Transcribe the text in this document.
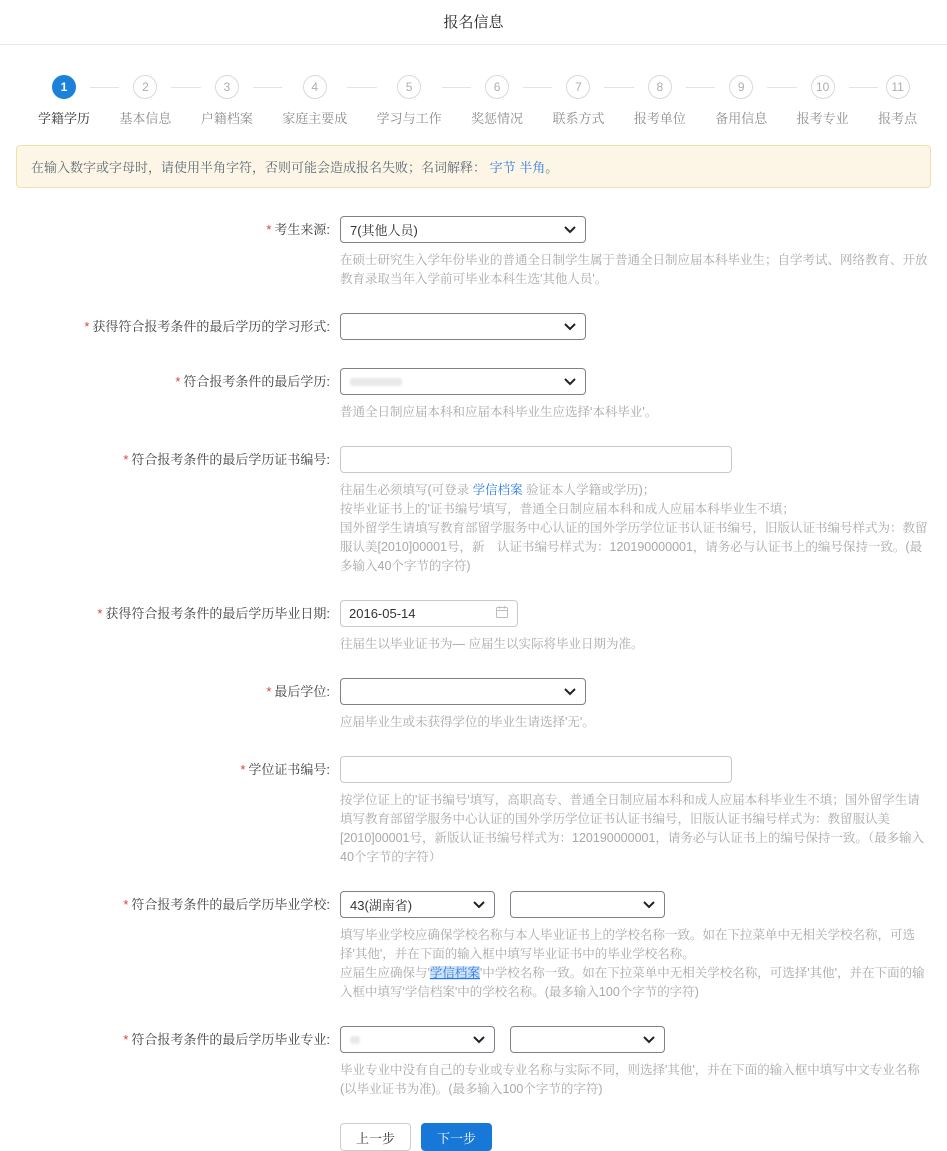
报名信息
1
学籍学历
2
基本信息
3
户籍档案
4
家庭主要成
5
学习与工作
6
奖惩情况
7
联系方式
8
报考单位
9
备用信息
10
报考专业
11
报考点
在输入数字或字母时，请使用半角字符，否则可能会造成报名失败；名词解释： 字节 半角。
* 考生来源:	7(其他人员)
在硕士研究生入学年份毕业的普通全日制学生属于普通全日制应届本科毕业生；自学考试、网络教育、开放教育录取当年入学前可毕业本科生选'其他人员'。
* 获得符合报考条件的最后学历的学习形式:
* 符合报考条件的最后学历:
普通全日制应届本科和应届本科毕业生应选择'本科毕业'。
* 符合报考条件的最后学历证书编号:
往届生必须填写(可登录 学信档案 验证本人学籍或学历)；
按毕业证书上的'证书编号'填写，普通全日制应届本科和成人应届本科毕业生不填；
国外留学生请填写教育部留学服务中心认证的国外学历学位证书认证书编号，旧版认证书编号样式为：教留服认美[2010]00001号，新　认证书编号样式为：120190000001，请务必与认证书上的编号保持一致。(最多输入40个字节的字符)
* 获得符合报考条件的最后学历毕业日期:	2016-05-14
往届生以毕业证书为— 应届生以实际将毕业日期为准。
* 最后学位:
应届毕业生或未获得学位的毕业生请选择'无'。
* 学位证书编号:
按学位证上的'证书编号'填写，高职高专、普通全日制应届本科和成人应届本科毕业生不填；国外留学生请填写教育部留学服务中心认证的国外学历学位证书认证书编号，旧版认证书编号样式为：教留服认美[2010]00001号，新版认证书编号样式为：120190000001，请务必与认证书上的编号保持一致。（最多输入40个字节的字符）
* 符合报考条件的最后学历毕业学校:	43(湖南省)
填写毕业学校应确保学校名称与本人毕业证书上的学校名称一致。如在下拉菜单中无相关学校名称，可选择'其他'，并在下面的输入框中填写毕业证书中的毕业学校名称。
应届生应确保与'学信档案'中学校名称一致。如在下拉菜单中无相关学校名称，可选择'其他'，并在下面的输入框中填写'学信档案'中的学校名称。(最多输入100个字节的字符)
* 符合报考条件的最后学历毕业专业:
毕业专业中没有自己的专业或专业名称与实际不同，则选择'其他'，并在下面的输入框中填写中文专业名称(以毕业证书为准)。(最多输入100个字节的字符)
上一步	下一步
